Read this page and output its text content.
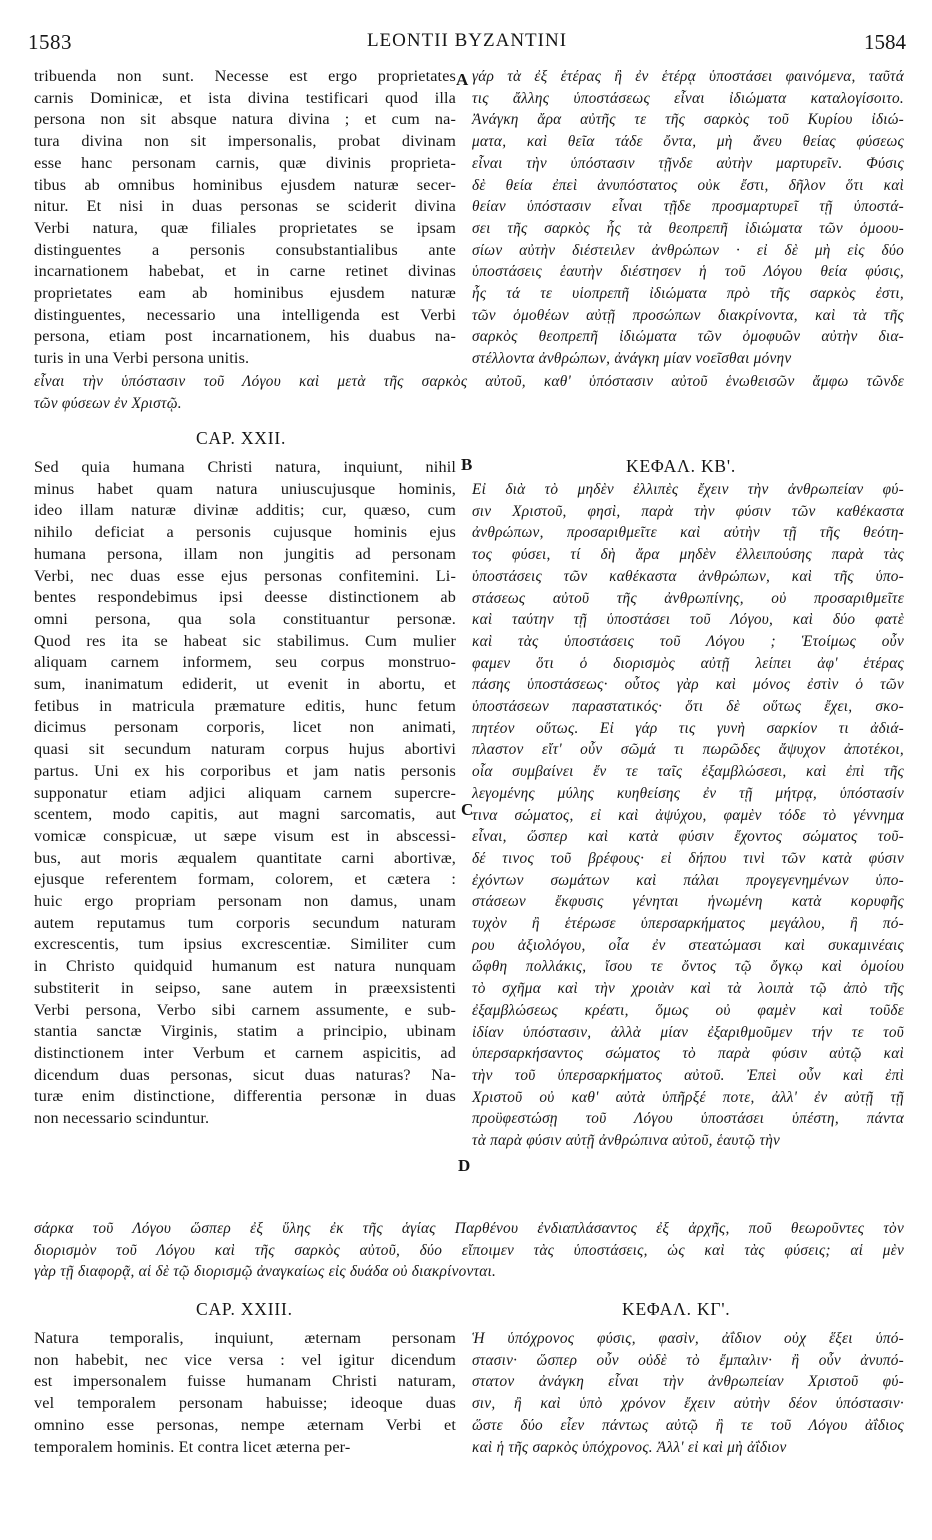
1583	LEONTII BYZANTINI	1584
A
B
C
D
tribuenda non sunt. Necesse est ergo proprietates
carnis Dominicæ, et ista divina testificari quod illa
persona non sit absque natura divina ; et cum na-
tura divina non sit impersonalis, probat divinam
esse hanc personam carnis, quæ divinis proprieta-
tibus ab omnibus hominibus ejusdem naturæ secer-
nitur. Et nisi in duas personas se sciderit divina
Verbi natura, quæ filiales proprietates se ipsam
distinguentes a personis consubstantialibus ante
incarnationem habebat, et in carne retinet divinas
proprietates eam ab hominibus ejusdem naturæ
distinguentes, necessario una intelligenda est Verbi
persona, etiam post incarnationem, his duabus na-
turis in una Verbi persona unitis.
γάρ τὰ ἐξ ἑτέρας ἢ ἐν ἑτέρᾳ ὑποστάσει φαινόμενα, ταῦτά
τις ἄλλης ὑποστάσεως εἶναι ἰδιώματα καταλογίσοιτο.
Ἀνάγκη ἄρα αὐτῆς τε τῆς σαρκὸς τοῦ Κυρίου ἰδιώ-
ματα, καὶ θεῖα τάδε ὄντα, μὴ ἄνευ θείας φύσεως
εἶναι τὴν ὑπόστασιν τῇνδε αὐτὴν μαρτυρεῖν. Φύσις
δὲ θεία ἐπεὶ ἀνυπόστατος οὐκ ἔστι, δῆλον ὅτι καὶ
θείαν ὑπόστασιν εἶναι τῇδε προσμαρτυρεῖ τῇ ὑποστά-
σει τῆς σαρκὸς ἧς τὰ θεοπρεπῆ ἰδιώματα τῶν ὁμοου-
σίων αὐτὴν διέστειλεν ἀνθρώπων · εἰ δὲ μὴ εἰς δύο
ὑποστάσεις ἑαυτὴν διέστησεν ἡ τοῦ Λόγου θεία φύσις,
ἧς τά τε υἱοπρεπῆ ἰδιώματα πρὸ τῆς σαρκὸς ἐστι,
τῶν ὁμοθέων αὐτῇ προσώπων διακρίνοντα, καὶ τὰ τῆς
σαρκὸς θεοπρεπῆ ἰδιώματα τῶν ὁμοφυῶν αὐτὴν δια-
στέλλοντα ἀνθρώπων, ἀνάγκη μίαν νοεῖσθαι μόνην
εἶναι τὴν ὑπόστασιν τοῦ Λόγου καὶ μετὰ τῆς σαρκὸς αὐτοῦ, καθ' ὑπόστασιν αὐτοῦ ἑνωθεισῶν ἄμφω τῶνδε
τῶν φύσεων ἐν Χριστῷ.
CAP. XXII.
ΚΕΦΑΛ. ΚΒ'.
Sed quia humana Christi natura, inquiunt, nihil
minus habet quam natura uniuscujusque hominis,
ideo illam naturæ divinæ additis; cur, quæso, cum
nihilo deficiat a personis cujusque hominis ejus
humana persona, illam non jungitis ad personam
Verbi, nec duas esse ejus personas confitemini. Li-
bentes respondebimus ipsi deesse distinctionem ab
omni persona, qua sola constituantur personæ.
Quod res ita se habeat sic stabilimus. Cum mulier
aliquam carnem informem, seu corpus monstruo-
sum, inanimatum ediderit, ut evenit in abortu, et
fetibus in matricula præmature editis, hunc fetum
dicimus personam corporis, licet non animati,
quasi sit secundum naturam corpus hujus abortivi
partus. Uni ex his corporibus et jam natis personis
supponatur etiam adjici aliquam carnem supercre-
scentem, modo capitis, aut magni sarcomatis, aut
vomicæ conspicuæ, ut sæpe visum est in abscessi-
bus, aut moris æqualem quantitate carni abortivæ,
ejusque referentem formam, colorem, et cætera :
huic ergo propriam personam non damus, unam
autem reputamus tum corporis secundum naturam
excrescentis, tum ipsius excrescentiæ. Similiter cum
in Christo quidquid humanum est natura nunquam
substiterit in seipso, sane autem in præexsistenti
Verbi persona, Verbo sibi carnem assumente, e sub-
stantia sanctæ Virginis, statim a principio, ubinam
distinctionem inter Verbum et carnem aspicitis, ad
dicendum duas personas, sicut duas naturas? Na-
turæ enim distinctione, differentia personæ in duas
non necessario scinduntur.
Εἰ διὰ τὸ μηδὲν ἐλλιπὲς ἔχειν τὴν ἀνθρωπείαν φύ-
σιν Χριστοῦ, φησὶ, παρὰ τὴν φύσιν τῶν καθέκαστα
ἀνθρώπων, προσαριθμεῖτε καὶ αὐτὴν τῇ τῆς θεότη-
τος φύσει, τί δὴ ἄρα μηδὲν ἐλλειπούσης παρὰ τὰς
ὑποστάσεις τῶν καθέκαστα ἀνθρώπων, καὶ τῆς ὑπο-
στάσεως αὐτοῦ τῆς ἀνθρωπίνης, οὐ προσαριθμεῖτε
καὶ ταύτην τῇ ὑποστάσει τοῦ Λόγου, καὶ δύο φατὲ
καὶ τὰς ὑποστάσεις τοῦ Λόγου ; Ἑτοίμως οὖν
φαμεν ὅτι ὁ διορισμὸς αὐτῇ λείπει ἀφ' ἑτέρας
πάσης ὑποστάσεως· οὗτος γὰρ καὶ μόνος ἐστὶν ὁ τῶν
ὑποστάσεων παραστατικός· ὅτι δὲ οὕτως ἔχει, σκο-
πητέον οὕτως. Εἰ γάρ τις γυνὴ σαρκίον τι ἀδιά-
πλαστον εἴτ' οὖν σῶμά τι πωρῶδες ἄψυχον ἀποτέκοι,
οἷα συμβαίνει ἔν τε ταῖς ἐξαμβλώσεσι, καὶ ἐπὶ τῆς
λεγομένης μύλης κυηθείσης ἐν τῇ μήτρᾳ, ὑπόστασίν
τινα σώματος, εἰ καὶ ἀψύχου, φαμὲν τόδε τὸ γέννημα
εἶναι, ὥσπερ καὶ κατὰ φύσιν ἔχοντος σώματος τοῦ-
δέ τινος τοῦ βρέφους· εἰ δήπου τινὶ τῶν κατὰ φύσιν
ἐχόντων σωμάτων καὶ πάλαι προγεγενημένων ὑπο-
στάσεων ἔκφυσις γένηται ἡνωμένη κατὰ κορυφῆς
τυχὸν ἢ ἑτέρωσε ὑπερσαρκήματος μεγάλου, ἢ πό-
ρου ἀξιολόγου, οἷα ἐν στεατώμασι καὶ συκαμινέαις
ὤφθη πολλάκις, ἴσου τε ὄντος τῷ ὄγκῳ καὶ ὁμοίου
τὸ σχῆμα καὶ τὴν χροιὰν καὶ τὰ λοιπὰ τῷ ἀπὸ τῆς
ἐξαμβλώσεως κρέατι, ὅμως οὐ φαμὲν καὶ τοῦδε
ἰδίαν ὑπόστασιν, ἀλλὰ μίαν ἐξαριθμοῦμεν τήν τε τοῦ
ὑπερσαρκήσαντος σώματος τὸ παρὰ φύσιν αὐτῷ καὶ
τὴν τοῦ ὑπερσαρκήματος αὐτοῦ. Ἐπεὶ οὖν καὶ ἐπὶ
Χριστοῦ οὐ καθ' αὐτὰ ὑπῆρξέ ποτε, ἀλλ' ἐν αὐτῇ τῇ
προϋφεστώσῃ τοῦ Λόγου ὑποστάσει ὑπέστη, πάντα
τὰ παρὰ φύσιν αὐτῇ ἀνθρώπινα αὐτοῦ, ἑαυτῷ τὴν
σάρκα τοῦ Λόγου ὥσπερ ἐξ ὕλης ἐκ τῆς ἁγίας Παρθένου ἐνδιαπλάσαντος ἐξ ἀρχῆς, ποῦ θεωροῦντες τὸν
διορισμὸν τοῦ Λόγου καὶ τῆς σαρκὸς αὐτοῦ, δύο εἴποιμεν τὰς ὑποστάσεις, ὡς καὶ τὰς φύσεις; αἱ μὲν
γὰρ τῇ διαφορᾷ, αἱ δὲ τῷ διορισμῷ ἀναγκαίως εἰς δυάδα οὐ διακρίνονται.
CAP. XXIII.	ΚΕΦΑΛ. ΚΓ'.
Natura temporalis, inquiunt, æternam personam
non habebit, nec vice versa : vel igitur dicendum
est impersonalem fuisse humanam Christi naturam,
vel temporalem personam habuisse; ideoque duas
omnino esse personas, nempe æternam Verbi et
temporalem hominis. Et contra licet æterna per-
Ἡ ὑπόχρονος φύσις, φασὶν, ἀΐδιον οὐχ ἕξει ὑπό-
στασιν· ὥσπερ οὖν οὐδὲ τὸ ἔμπαλιν· ἢ οὖν ἀνυπό-
στατον ἀνάγκη εἶναι τὴν ἀνθρωπείαν Χριστοῦ φύ-
σιν, ἢ καὶ ὑπὸ χρόνον ἔχειν αὐτὴν δέον ὑπόστασιν·
ὥστε δύο εἶεν πάντως αὐτῷ ἢ τε τοῦ Λόγου ἀΐδιος
καὶ ἡ τῆς σαρκὸς ὑπόχρονος. Ἀλλ' εἰ καὶ μὴ ἀΐδιον
